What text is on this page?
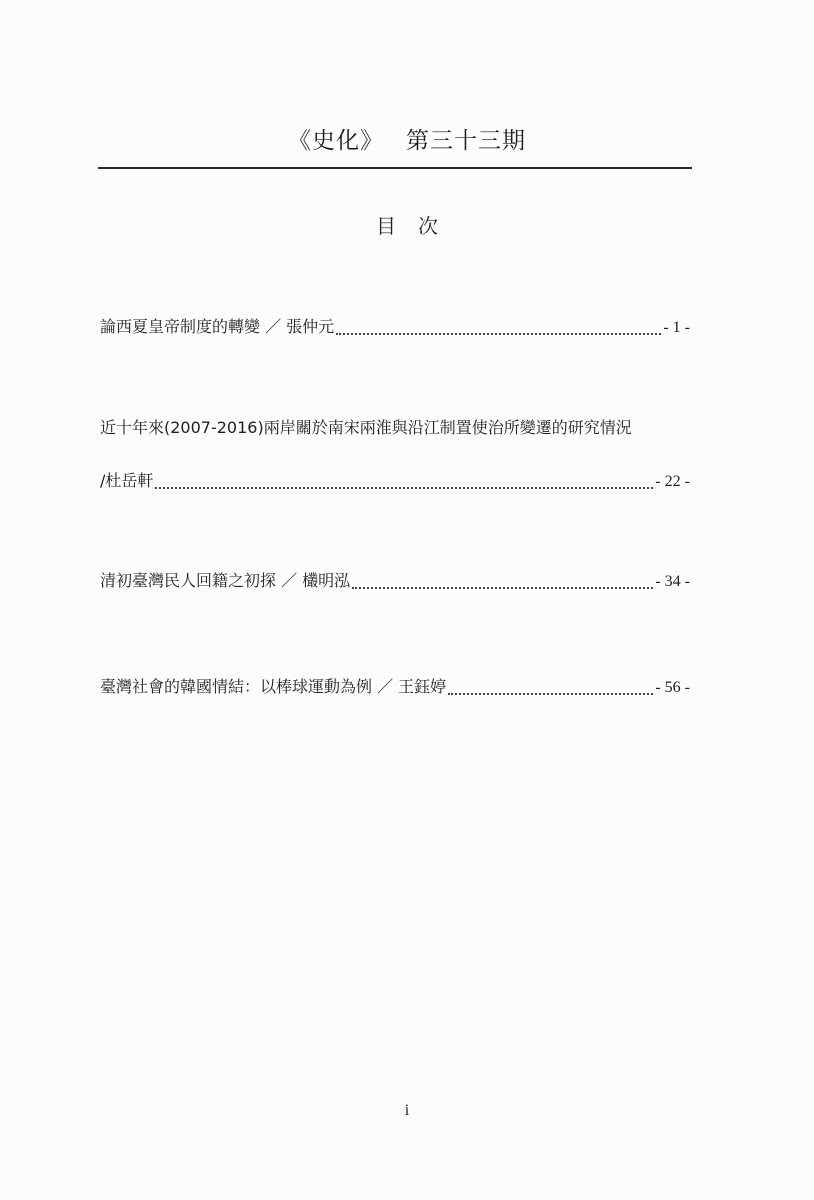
《史化》 第三十三期
目次
論西夏皇帝制度的轉變 ／ 張仲元	- 1 -
近十年來(2007-2016)兩岸關於南宋兩淮與沿江制置使治所變遷的研究情況
/杜岳軒	- 22 -
清初臺灣民人回籍之初探 ／ 欉明泓	- 34 -
臺灣社會的韓國情結：以棒球運動為例 ／ 王鈺婷	- 56 -
i
